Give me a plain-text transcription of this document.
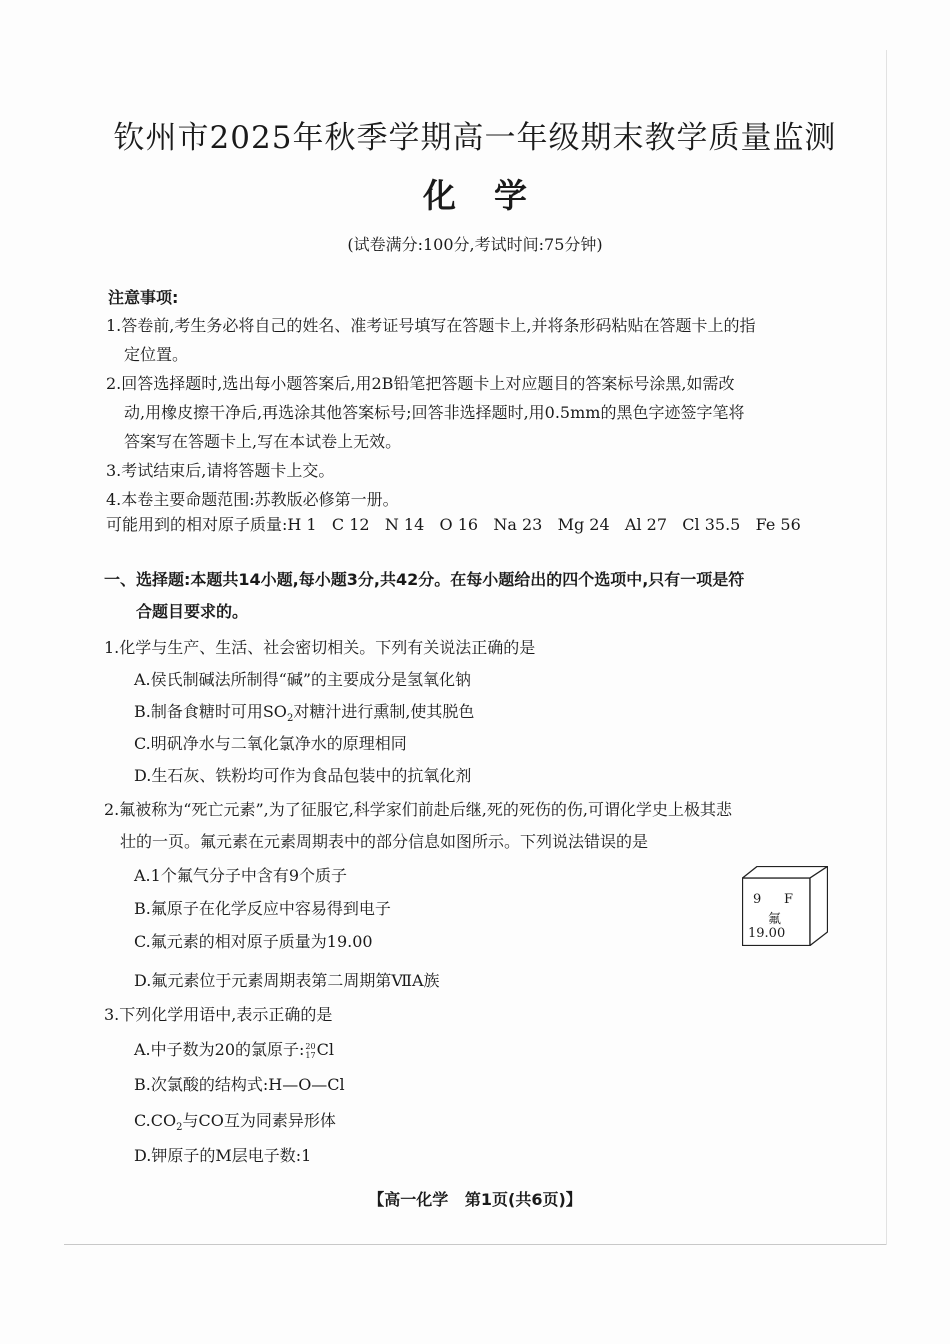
钦州市2025年秋季学期高一年级期末教学质量监测
化学
(试卷满分:100分,考试时间:75分钟)
注意事项:
1.答卷前,考生务必将自己的姓名、准考证号填写在答题卡上,并将条形码粘贴在答题卡上的指
定位置。
2.回答选择题时,选出每小题答案后,用2B铅笔把答题卡上对应题目的答案标号涂黑,如需改
动,用橡皮擦干净后,再选涂其他答案标号;回答非选择题时,用0.5mm的黑色字迹签字笔将
答案写在答题卡上,写在本试卷上无效。
3.考试结束后,请将答题卡上交。
4.本卷主要命题范围:苏教版必修第一册。
可能用到的相对原子质量:H 1   C 12   N 14   O 16   Na 23   Mg 24   Al 27   Cl 35.5   Fe 56
一、选择题:本题共14小题,每小题3分,共42分。在每小题给出的四个选项中,只有一项是符
合题目要求的。
1.化学与生产、生活、社会密切相关。下列有关说法正确的是
A.侯氏制碱法所制得“碱”的主要成分是氢氧化钠
B.制备食糖时可用$SO_2$对糖汁进行熏制,使其脱色
C.明矾净水与二氧化氯净水的原理相同
D.生石灰、铁粉均可作为食品包装中的抗氧化剂
2.氟被称为“死亡元素”,为了征服它,科学家们前赴后继,死的死伤的伤,可谓化学史上极其悲
壮的一页。氟元素在元素周期表中的部分信息如图所示。下列说法错误的是
A.1个氟气分子中含有9个质子
B.氟原子在化学反应中容易得到电子
C.氟元素的相对原子质量为19.00
D.氟元素位于元素周期表第二周期第ⅦA族
9 F
氟
19.00
3.下列化学用语中,表示正确的是
A.中子数为20的氯原子:20
17Cl
B.次氯酸的结构式:H—O—Cl
$C.CO_2$与CO互为同素异形体
D.钾原子的M层电子数:1
【高一化学   第1页(共6页)】
